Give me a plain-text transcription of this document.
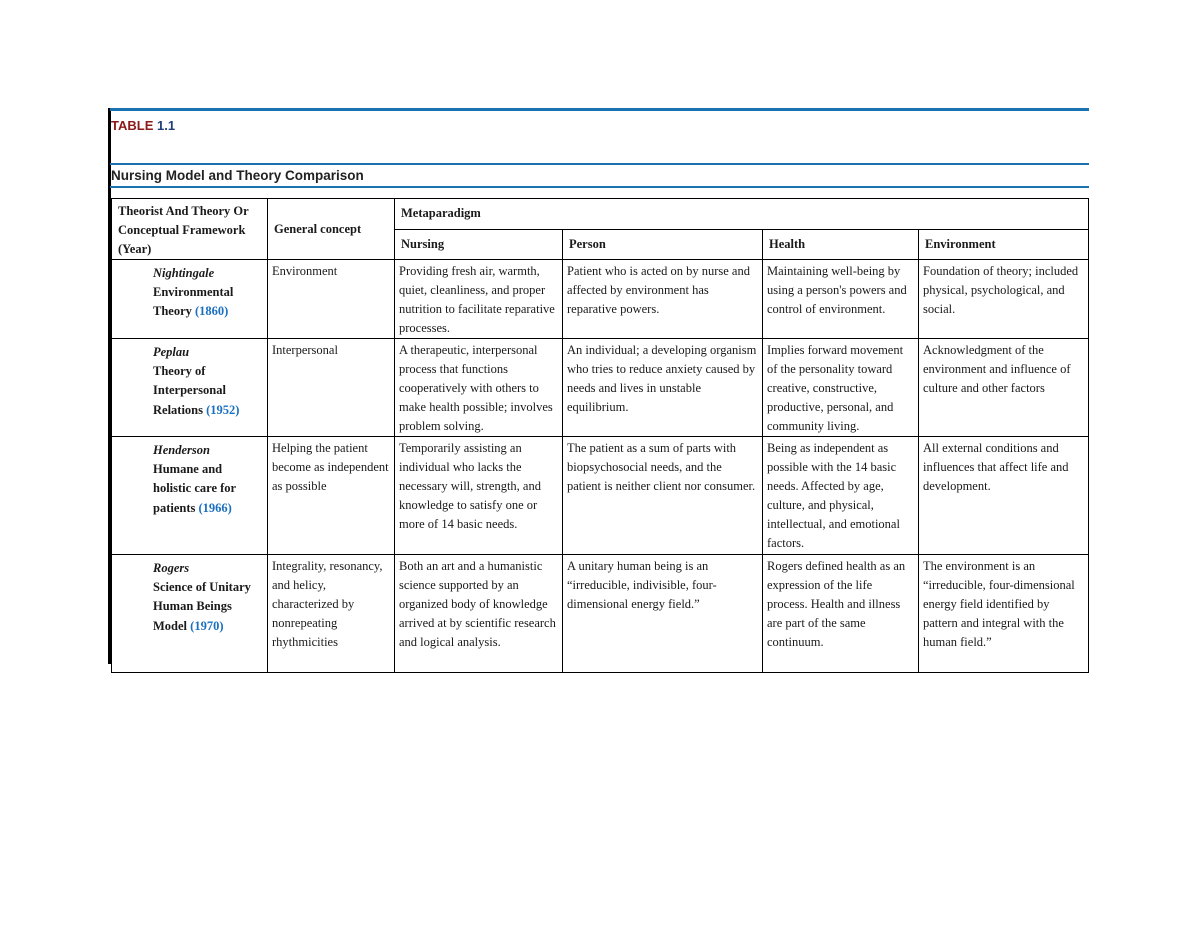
TABLE 1.1
Nursing Model and Theory Comparison
Theorist And Theory Or Conceptual Framework (Year)	General concept	Metaparadigm			
		Nursing	Person	Health	Environment
Nightingale
Environmental Theory (1860)	Environment	Providing fresh air, warmth, quiet, cleanliness, and proper nutrition to facilitate reparative processes.	Patient who is acted on by nurse and affected by environment has reparative powers.	Maintaining well-being by using a person's powers and control of environment.	Foundation of theory; included physical, psychological, and social.
Peplau
Theory of Interpersonal Relations (1952)	Interpersonal	A therapeutic, interpersonal process that functions cooperatively with others to make health possible; involves problem solving.	An individual; a developing organism who tries to reduce anxiety caused by needs and lives in unstable equilibrium.	Implies forward movement of the personality toward creative, constructive, productive, personal, and community living.	Acknowledgment of the environment and influence of culture and other factors
Henderson
Humane and holistic care for patients (1966)	Helping the patient become as independent as possible	Temporarily assisting an individual who lacks the necessary will, strength, and knowledge to satisfy one or more of 14 basic needs.	The patient as a sum of parts with biopsychosocial needs, and the patient is neither client nor consumer.	Being as independent as possible with the 14 basic needs. Affected by age, culture, and physical, intellectual, and emotional factors.	All external conditions and influences that affect life and development.
Rogers
Science of Unitary Human Beings Model (1970)	Integrality, resonancy, and helicy, characterized by nonrepeating rhythmicities	Both an art and a humanistic science supported by an organized body of knowledge arrived at by scientific research and logical analysis.	A unitary human being is an “irreducible, indivisible, four-dimensional energy field.”	Rogers defined health as an expression of the life process. Health and illness are part of the same continuum.	The environment is an “irreducible, four-dimensional energy field identified by pattern and integral with the human field.”
